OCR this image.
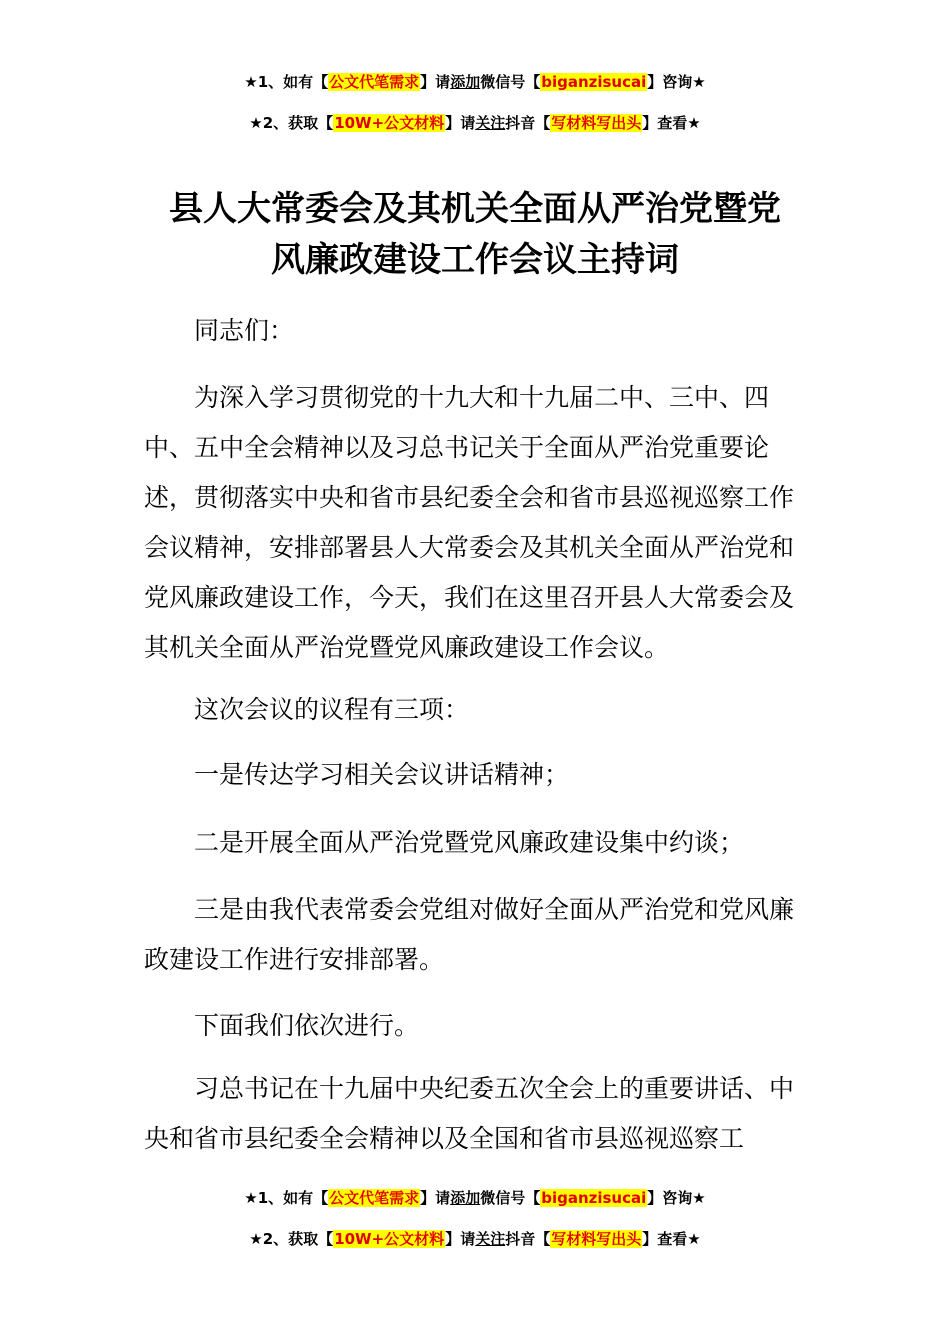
★1、如有【公文代笔需求】请添加微信号【biganzisucai】咨询★
★2、获取【10W+公文材料】请关注抖音【写材料写出头】查看★
县人大常委会及其机关全面从严治党暨党
风廉政建设工作会议主持词

同志们：

为深入学习贯彻党的十九大和十九届二中、三中、四中、五中全会精神以及习总书记关于全面从严治党重要论述，贯彻落实中央和省市县纪委全会和省市县巡视巡察工作会议精神，安排部署县人大常委会及其机关全面从严治党和党风廉政建设工作，今天，我们在这里召开县人大常委会及其机关全面从严治党暨党风廉政建设工作会议。

这次会议的议程有三项：

一是传达学习相关会议讲话精神；

二是开展全面从严治党暨党风廉政建设集中约谈；

三是由我代表常委会党组对做好全面从严治党和党风廉政建设工作进行安排部署。

下面我们依次进行。

习总书记在十九届中央纪委五次全会上的重要讲话、中央和省市县纪委全会精神以及全国和省市县巡视巡察工

★1、如有【公文代笔需求】请添加微信号【biganzisucai】咨询★
★2、获取【10W+公文材料】请关注抖音【写材料写出头】查看★
